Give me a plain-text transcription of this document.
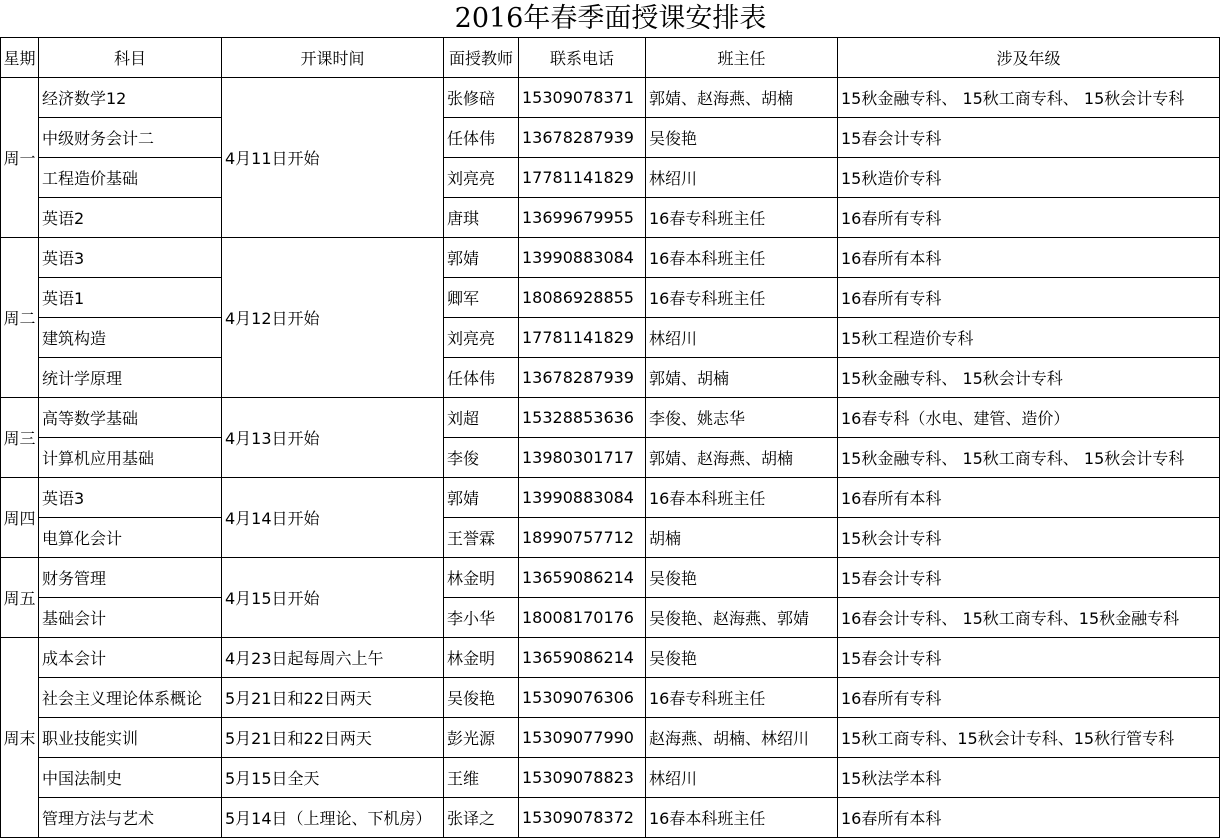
2016年春季面授课安排表
星期	科目	开课时间	面授教师	联系电话	班主任	涉及年级
周一	经济数学12	4月11日开始	张修碚	15309078371	郭婧、赵海燕、胡楠	15秋金融专科、 15秋工商专科、 15秋会计专科
	中级财务会计二		任体伟	13678287939	吴俊艳	15春会计专科
	工程造价基础		刘亮亮	17781141829	林绍川	15秋造价专科
	英语2		唐琪	13699679955	16春专科班主任	16春所有专科
周二	英语3	4月12日开始	郭婧	13990883084	16春本科班主任	16春所有本科
	英语1		卿军	18086928855	16春专科班主任	16春所有专科
	建筑构造		刘亮亮	17781141829	林绍川	15秋工程造价专科
	统计学原理		任体伟	13678287939	郭婧、胡楠	15秋金融专科、 15秋会计专科
周三	高等数学基础	4月13日开始	刘超	15328853636	李俊、姚志华	16春专科（水电、建管、造价）
	计算机应用基础		李俊	13980301717	郭婧、赵海燕、胡楠	15秋金融专科、 15秋工商专科、 15秋会计专科
周四	英语3	4月14日开始	郭婧	13990883084	16春本科班主任	16春所有本科
	电算化会计		王誉霖	18990757712	胡楠	15秋会计专科
周五	财务管理	4月15日开始	林金明	13659086214	吴俊艳	15春会计专科
	基础会计		李小华	18008170176	吴俊艳、赵海燕、郭婧	16春会计专科、 15秋工商专科、15秋金融专科
周末	成本会计	4月23日起每周六上午	林金明	13659086214	吴俊艳	15春会计专科
	社会主义理论体系概论	5月21日和22日两天	吴俊艳	15309076306	16春专科班主任	16春所有专科
	职业技能实训	5月21日和22日两天	彭光源	15309077990	赵海燕、胡楠、林绍川	15秋工商专科、15秋会计专科、15秋行管专科
	中国法制史	5月15日全天	王维	15309078823	林绍川	15秋法学本科
	管理方法与艺术	5月14日（上理论、下机房）	张译之	15309078372	16春本科班主任	16春所有本科
